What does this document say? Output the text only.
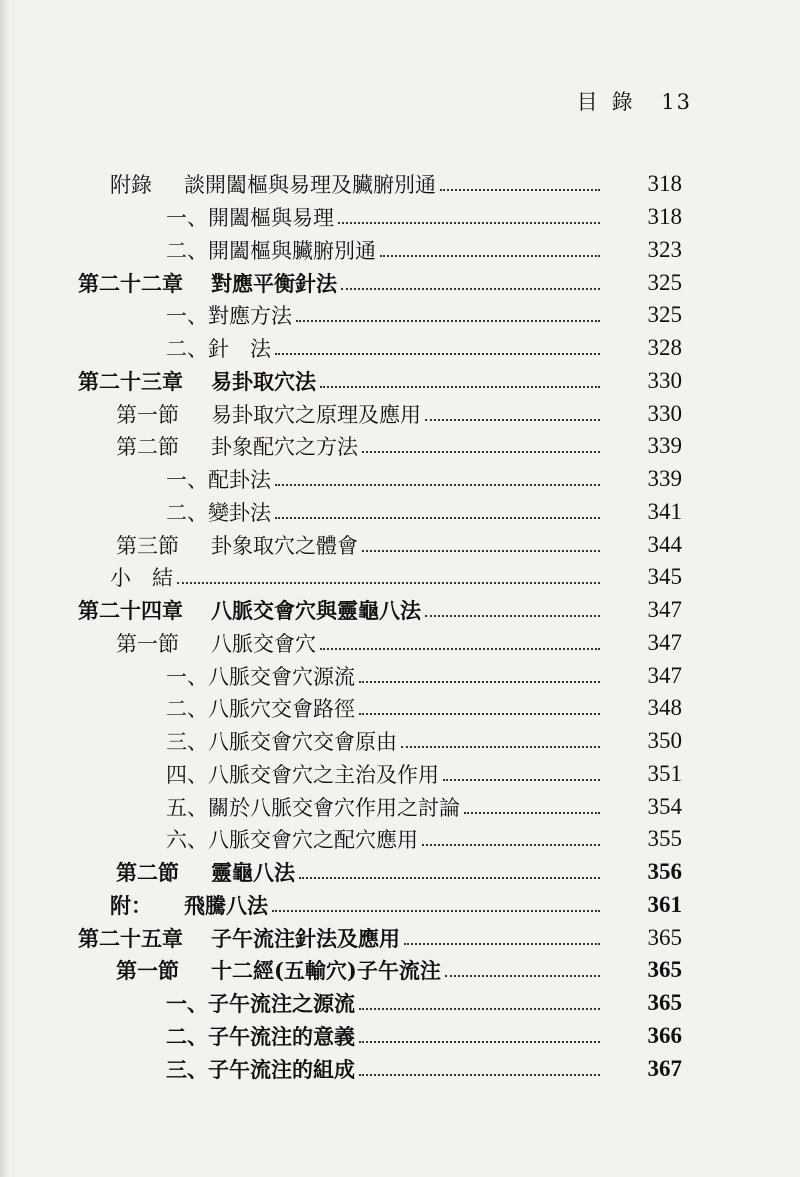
目錄 13
附錄 談開闔樞與易理及臟腑別通	318
一、開闔樞與易理	318
二、開闔樞與臟腑別通	323
第二十二章 對應平衡針法	325
一、對應方法	325
二、針　法	328
第二十三章 易卦取穴法	330
第一節 易卦取穴之原理及應用	330
第二節 卦象配穴之方法	339
一、配卦法	339
二、變卦法	341
第三節 卦象取穴之體會	344
小　結	345
第二十四章 八脈交會穴與靈龜八法	347
第一節 八脈交會穴	347
一、八脈交會穴源流	347
二、八脈穴交會路徑	348
三、八脈交會穴交會原由	350
四、八脈交會穴之主治及作用	351
五、關於八脈交會穴作用之討論	354
六、八脈交會穴之配穴應用	355
第二節 靈龜八法	356
附： 飛騰八法	361
第二十五章 子午流注針法及應用	365
第一節 十二經(五輸穴)子午流注	365
一、子午流注之源流	365
二、子午流注的意義	366
三、子午流注的組成	367
